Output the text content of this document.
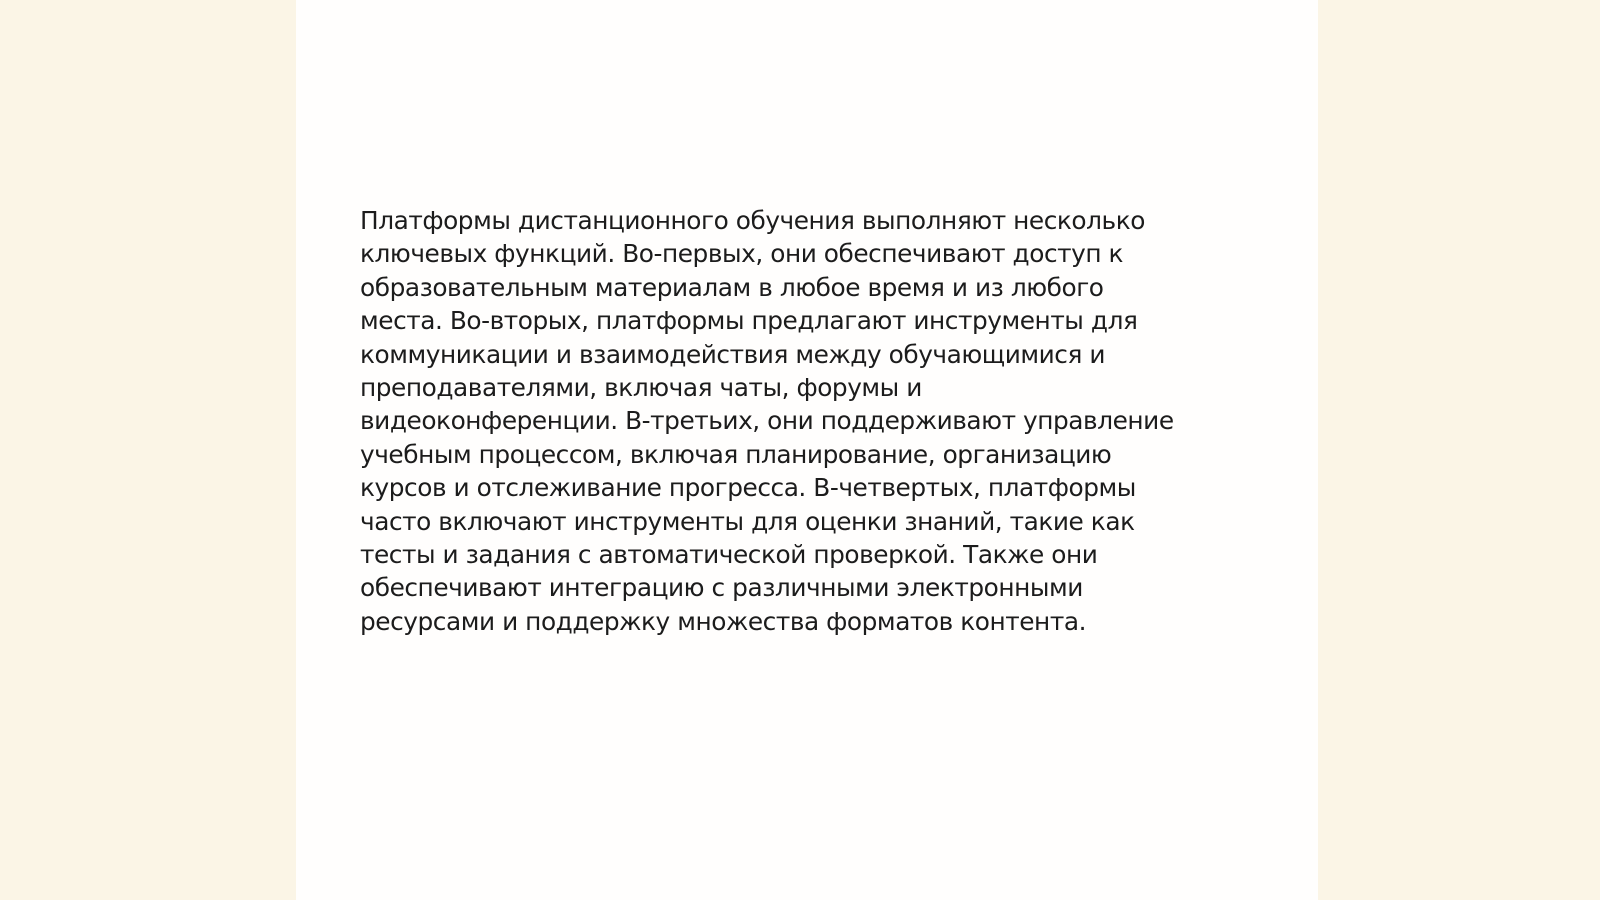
Платформы дистанционного обучения выполняют несколько
ключевых функций. Во-первых, они обеспечивают доступ к
образовательным материалам в любое время и из любого
места. Во-вторых, платформы предлагают инструменты для
коммуникации и взаимодействия между обучающимися и
преподавателями, включая чаты, форумы и
видеоконференции. В-третьих, они поддерживают управление
учебным процессом, включая планирование, организацию
курсов и отслеживание прогресса. В-четвертых, платформы
часто включают инструменты для оценки знаний, такие как
тесты и задания с автоматической проверкой. Также они
обеспечивают интеграцию с различными электронными
ресурсами и поддержку множества форматов контента.
